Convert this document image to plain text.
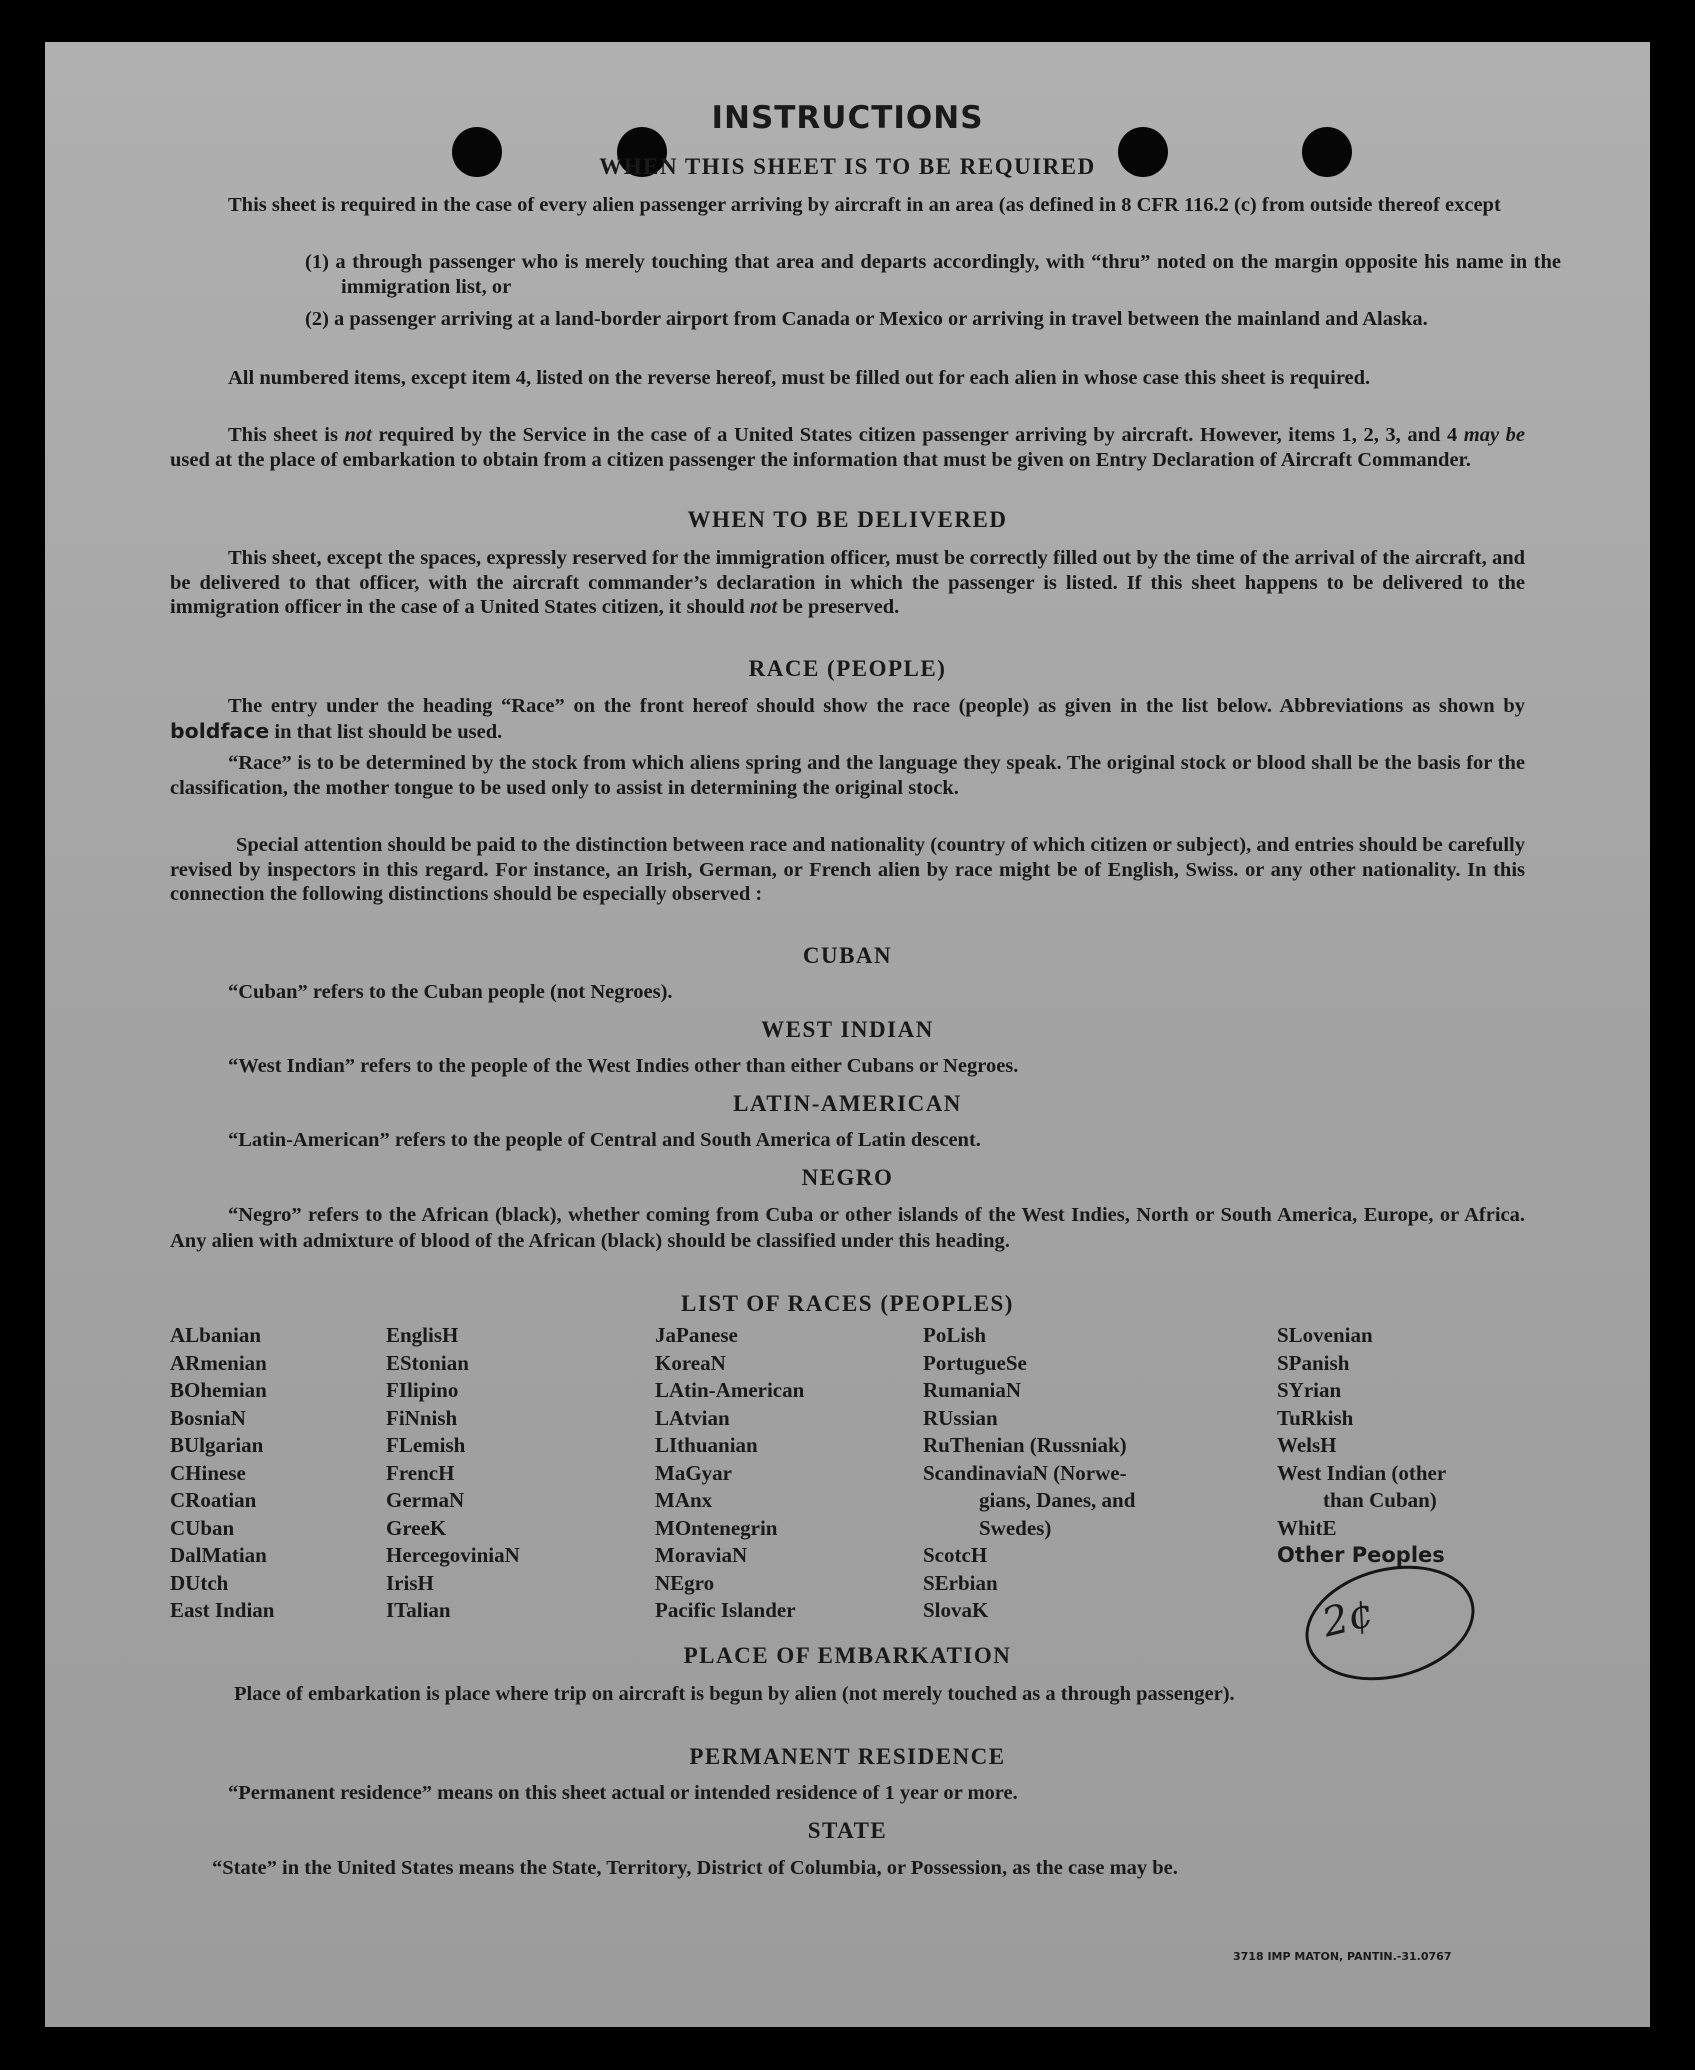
INSTRUCTIONS
WHEN THIS SHEET IS TO BE REQUIRED

This sheet is required in the case of every alien passenger arriving by aircraft in an area (as defined in 8 CFR 116.2 (c) from outside thereof except

(1) a through passenger who is merely touching that area and departs accordingly, with “thru” noted on the margin opposite his name in the immigration list, or

(2) a passenger arriving at a land-border airport from Canada or Mexico or arriving in travel between the mainland and Alaska.

All numbered items, except item 4, listed on the reverse hereof, must be filled out for each alien in whose case this sheet is required.

This sheet is not required by the Service in the case of a United States citizen passenger arriving by aircraft. However, items 1, 2, 3, and 4 may be used at the place of embarkation to obtain from a citizen passenger the information that must be given on Entry Declaration of Aircraft Commander.

WHEN TO BE DELIVERED

This sheet, except the spaces, expressly reserved for the immigration officer, must be correctly filled out by the time of the arrival of the aircraft, and be delivered to that officer, with the aircraft commander’s declaration in which the passenger is listed. If this sheet happens to be delivered to the immigration officer in the case of a United States citizen, it should not be preserved.

RACE (PEOPLE)

The entry under the heading “Race” on the front hereof should show the race (people) as given in the list below. Abbreviations as shown by boldface in that list should be used.

“Race” is to be determined by the stock from which aliens spring and the language they speak. The original stock or blood shall be the basis for the classification, the mother tongue to be used only to assist in determining the original stock.

Special attention should be paid to the distinction between race and nationality (country of which citizen or subject), and entries should be carefully revised by inspectors in this regard. For instance, an Irish, German, or French alien by race might be of English, Swiss. or any other nationality. In this connection the following distinctions should be especially observed :

CUBAN

“Cuban” refers to the Cuban people (not Negroes).

WEST INDIAN

“West Indian” refers to the people of the West Indies other than either Cubans or Negroes.

LATIN-AMERICAN

“Latin-American” refers to the people of Central and South America of Latin descent.

NEGRO

“Negro” refers to the African (black), whether coming from Cuba or other islands of the West Indies, North or South America, Europe, or Africa. Any alien with admixture of blood of the African (black) should be classified under this heading.

LIST OF RACES (PEOPLES)
ALbanian
ARmenian
BOhemian
BosniaN
BUlgarian
CHinese
CRoatian
CUban
DalMatian
DUtch
East Indian
EnglisH
EStonian
FIlipino
FiNnish
FLemish
FrencH
GermaN
GreeK
HercegoviniaN
IrisH
ITalian
JaPanese
KoreaN
LAtin-American
LAtvian
LIthuanian
MaGyar
MAnx
MOntenegrin
MoraviaN
NEgro
Pacific Islander
PoLish
PortugueSe
RumaniaN
RUssian
RuThenian (Russniak)
ScandinaviaN (Norwe-
gians, Danes, and
Swedes)
ScotcH
SErbian
SlovaK
SLovenian
SPanish
SYrian
TuRkish
WelsH
West Indian (other
than Cuban)
WhitE
Other Peoples
2¢
PLACE OF EMBARKATION

Place of embarkation is place where trip on aircraft is begun by alien (not merely touched as a through passenger).

PERMANENT RESIDENCE

“Permanent residence” means on this sheet actual or intended residence of 1 year or more.

STATE

“State” in the United States means the State, Territory, District of Columbia, or Possession, as the case may be.

3718 IMP MATON, PANTIN.-31.0767
